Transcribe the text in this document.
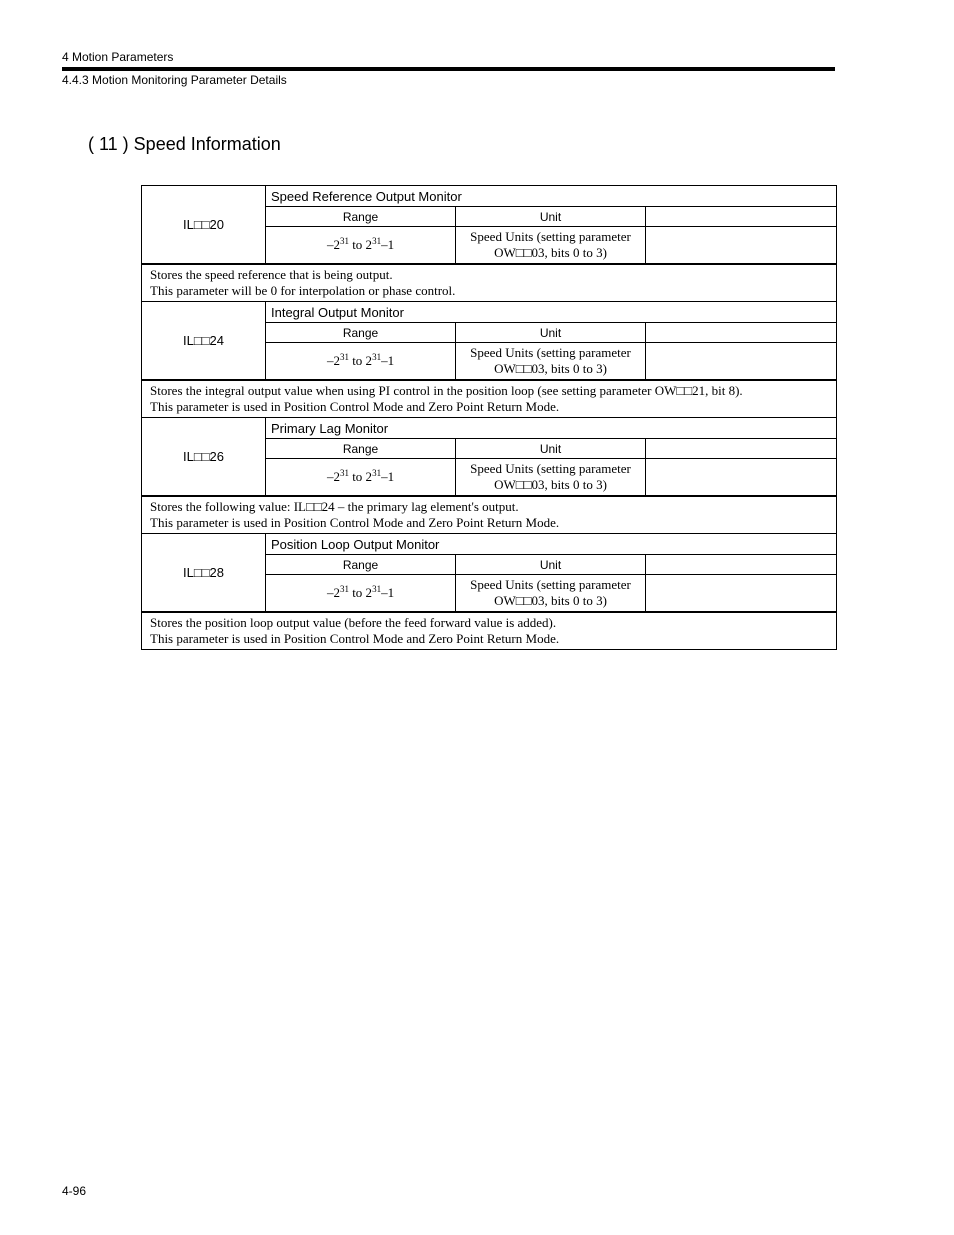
4 Motion Parameters
4.4.3 Motion Monitoring Parameter Details
( 11 ) Speed Information
IL□□20	Speed Reference Output Monitor		
	Range	Unit	
	$-2^{31}$ to $2^{31}-1$	Speed Units (setting parameter
OW□□03, bits 0 to 3)	

Stores the speed reference that is being output.
This parameter will be 0 for interpolation or phase control.			

IL□□24	Integral Output Monitor		
	Range	Unit	
	$-2^{31}$ to $2^{31}-1$	Speed Units (setting parameter
OW□□03, bits 0 to 3)	

Stores the integral output value when using PI control in the position loop (see setting parameter OW□□21, bit 8).
This parameter is used in Position Control Mode and Zero Point Return Mode.			

IL□□26	Primary Lag Monitor		
	Range	Unit	
	$-2^{31}$ to $2^{31}-1$	Speed Units (setting parameter
OW□□03, bits 0 to 3)	

Stores the following value: IL□□24 – the primary lag element's output.
This parameter is used in Position Control Mode and Zero Point Return Mode.			

IL□□28	Position Loop Output Monitor		
	Range	Unit	
	$-2^{31}$ to $2^{31}-1$	Speed Units (setting parameter
OW□□03, bits 0 to 3)	

Stores the position loop output value (before the feed forward value is added).
This parameter is used in Position Control Mode and Zero Point Return Mode.			
4-96
